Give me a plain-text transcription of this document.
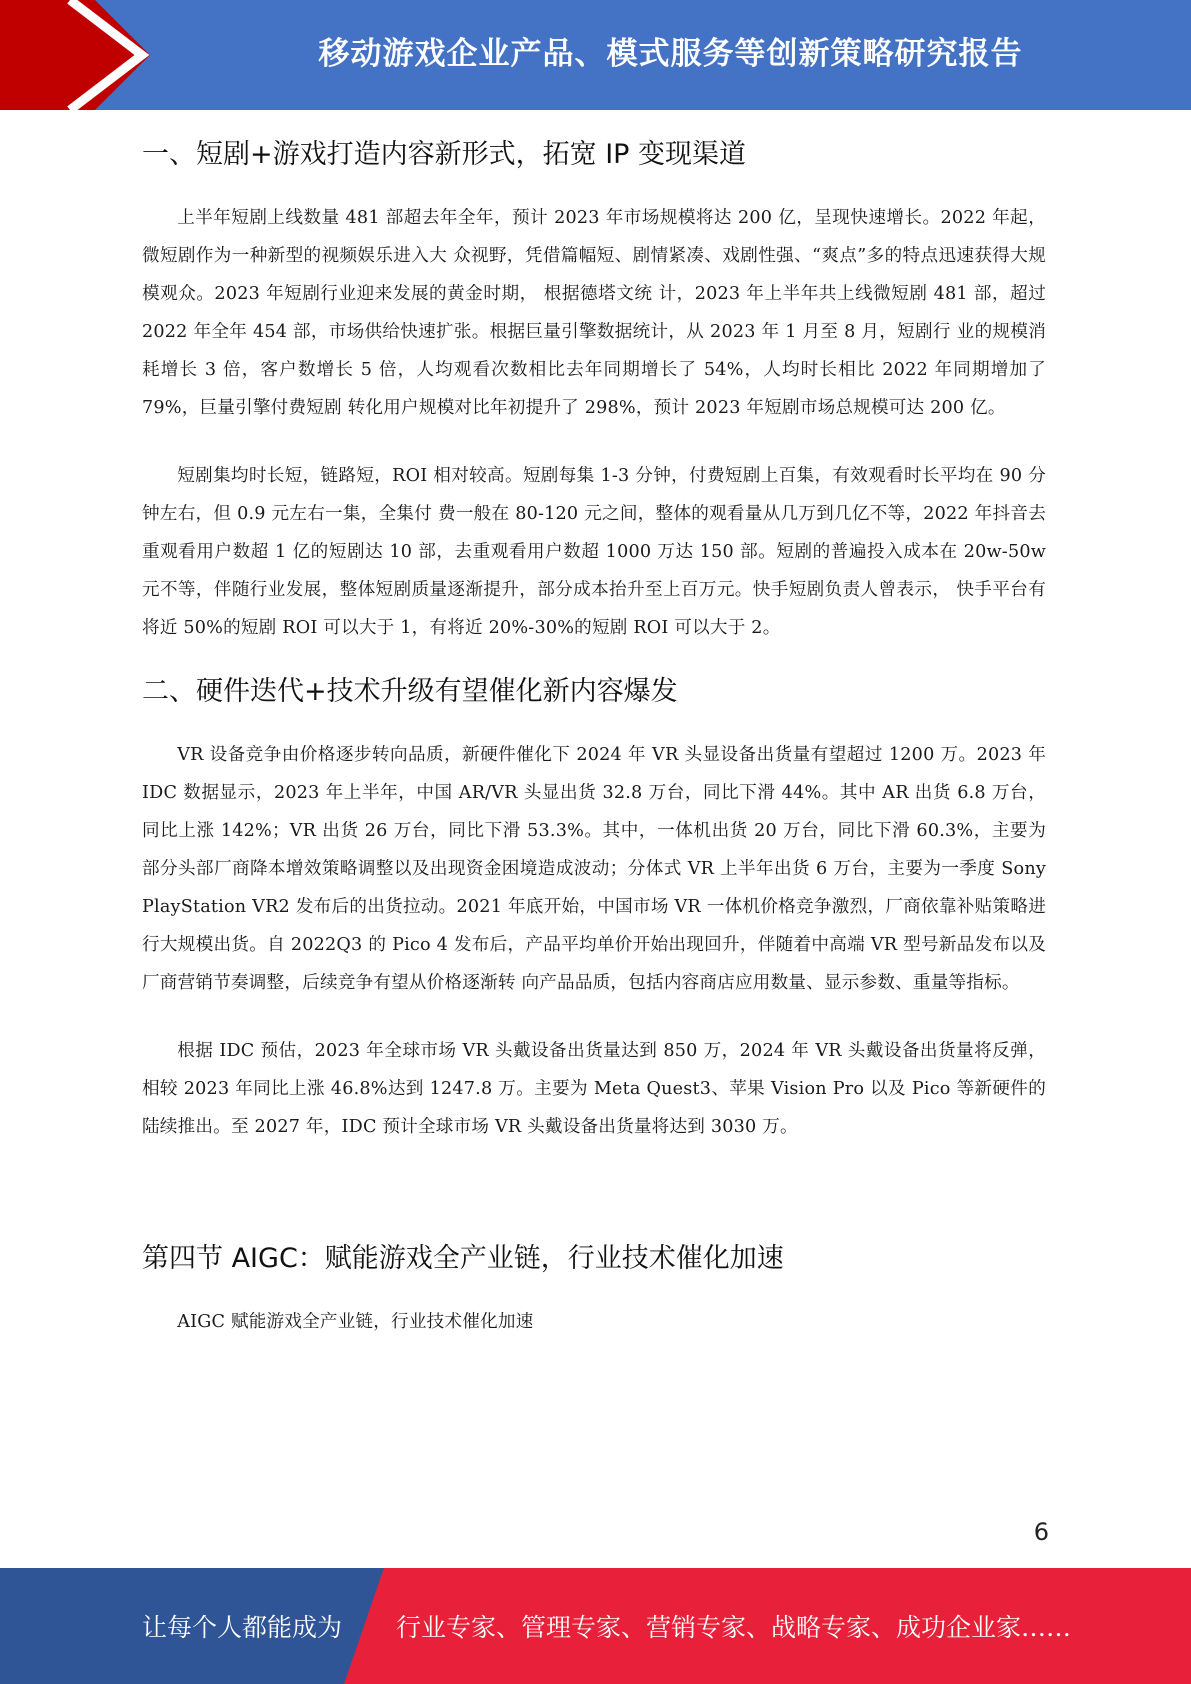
移动游戏企业产品、模式服务等创新策略研究报告
一、短剧+游戏打造内容新形式，拓宽 IP 变现渠道

上半年短剧上线数量 481 部超去年全年，预计 2023 年市场规模将达 200 亿，呈现快速增长。2022 年起，微短剧作为一种新型的视频娱乐进入大 众视野，凭借篇幅短、剧情紧凑、戏剧性强、“爽点”多的特点迅速获得大规模观众。2023 年短剧行业迎来发展的黄金时期， 根据德塔文统 计，2023 年上半年共上线微短剧 481 部，超过 2022 年全年 454 部，市场供给快速扩张。根据巨量引擎数据统计，从 2023 年 1 月至 8 月，短剧行 业的规模消耗增长 3 倍，客户数增长 5 倍，人均观看次数相比去年同期增长了 54%，人均时长相比 2022 年同期增加了 79%，巨量引擎付费短剧 转化用户规模对比年初提升了 298%，预计 2023 年短剧市场总规模可达 200 亿。

短剧集均时长短，链路短，ROI 相对较高。短剧每集 1-3 分钟，付费短剧上百集，有效观看时长平均在 90 分钟左右，但 0.9 元左右一集，全集付 费一般在 80-120 元之间，整体的观看量从几万到几亿不等，2022 年抖音去重观看用户数超 1 亿的短剧达 10 部，去重观看用户数超 1000 万达 150 部。短剧的普遍投入成本在 20w-50w 元不等，伴随行业发展，整体短剧质量逐渐提升，部分成本抬升至上百万元。快手短剧负责人曾表示， 快手平台有将近 50%的短剧 ROI 可以大于 1，有将近 20%-30%的短剧 ROI 可以大于 2。

二、硬件迭代+技术升级有望催化新内容爆发

VR 设备竞争由价格逐步转向品质，新硬件催化下 2024 年 VR 头显设备出货量有望超过 1200 万。2023 年 IDC 数据显示，2023 年上半年，中国 AR/VR 头显出货 32.8 万台，同比下滑 44%。其中 AR 出货 6.8 万台，同比上涨 142%；VR 出货 26 万台，同比下滑 53.3%。其中，一体机出货 20 万台，同比下滑 60.3%，主要为部分头部厂商降本增效策略调整以及出现资金困境造成波动；分体式 VR 上半年出货 6 万台，主要为一季度 Sony PlayStation VR2 发布后的出货拉动。2021 年底开始，中国市场 VR 一体机价格竞争激烈，厂商依靠补贴策略进行大规模出货。自 2022Q3 的 Pico 4 发布后，产品平均单价开始出现回升，伴随着中高端 VR 型号新品发布以及厂商营销节奏调整，后续竞争有望从价格逐渐转 向产品品质，包括内容商店应用数量、显示参数、重量等指标。

根据 IDC 预估，2023 年全球市场 VR 头戴设备出货量达到 850 万，2024 年 VR 头戴设备出货量将反弹，相较 2023 年同比上涨 46.8%达到 1247.8 万。主要为 Meta Quest3、苹果 Vision Pro 以及 Pico 等新硬件的陆续推出。至 2027 年，IDC 预计全球市场 VR 头戴设备出货量将达到 3030 万。

第四节 AIGC：赋能游戏全产业链，行业技术催化加速

AIGC 赋能游戏全产业链，行业技术催化加速

6
让每个人都能成为 行业专家、管理专家、营销专家、战略专家、成功企业家……
